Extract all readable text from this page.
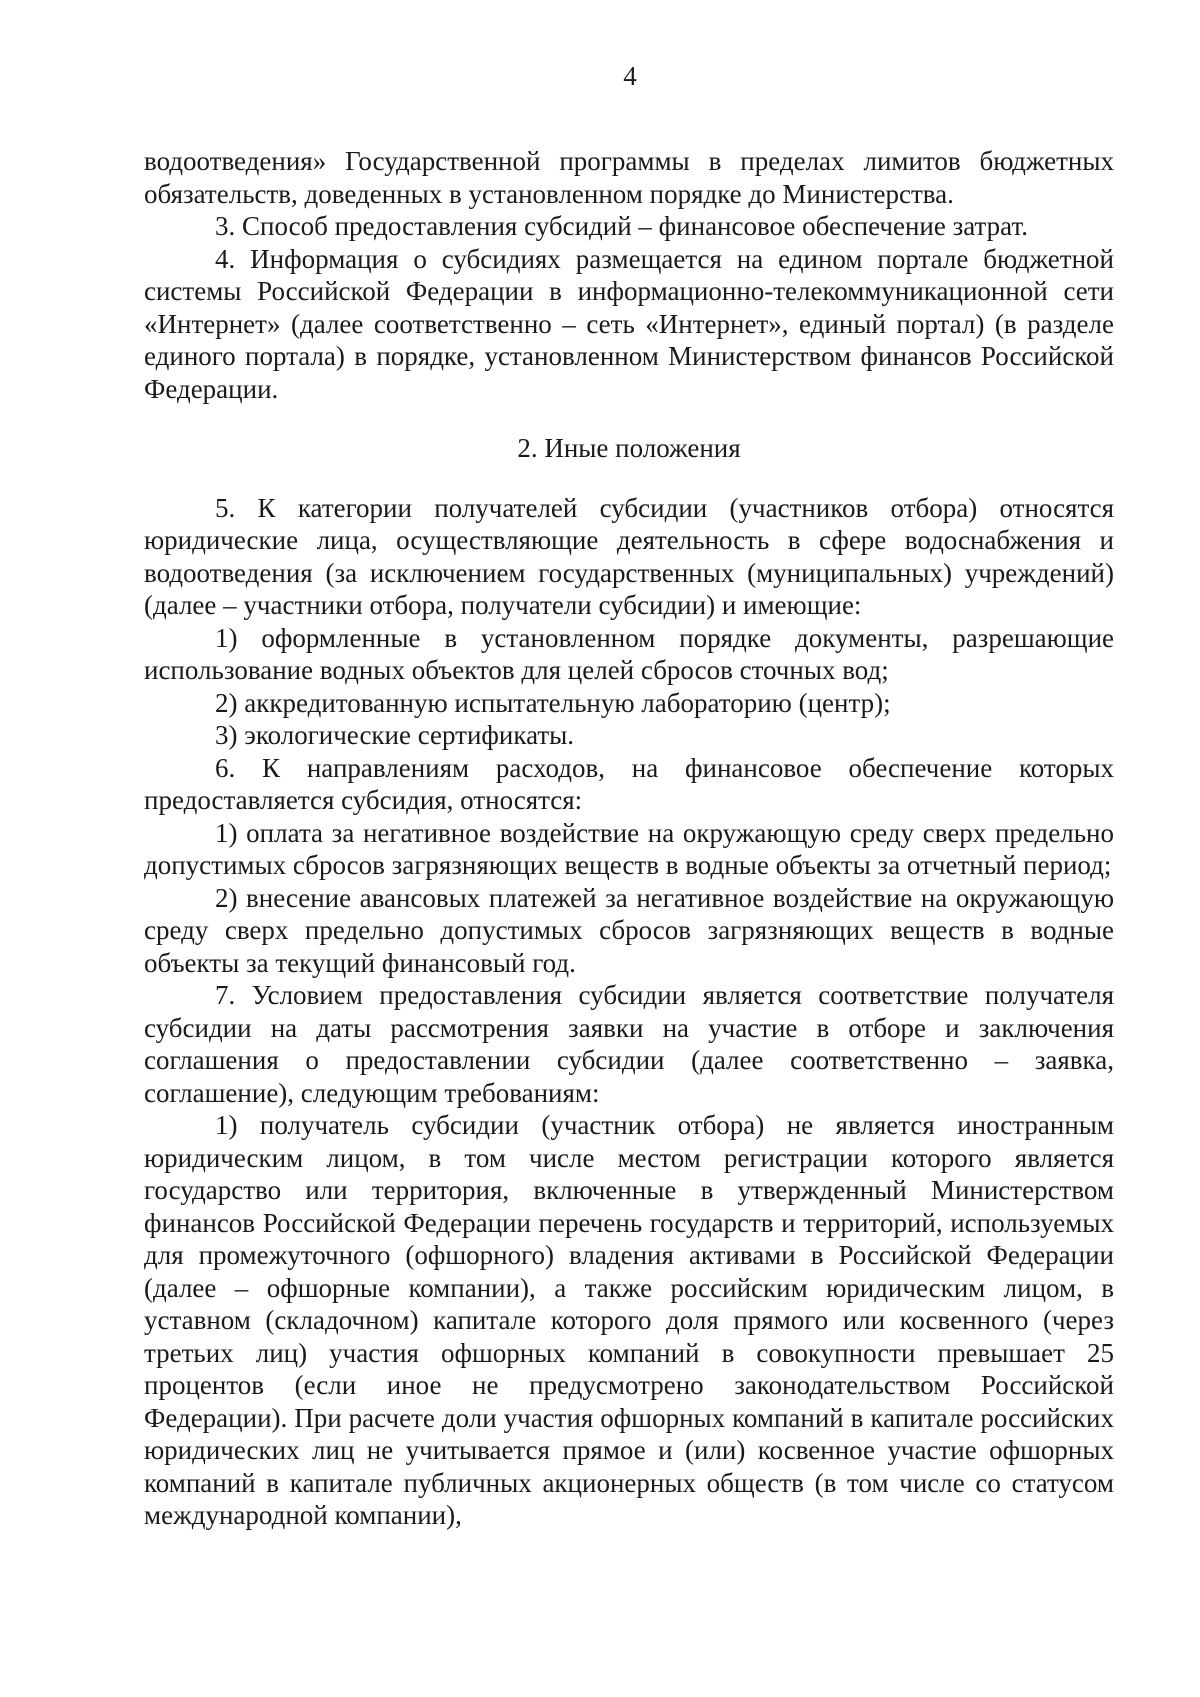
4

водоотведения» Государственной программы в пределах лимитов бюджетных обязательств, доведенных в установленном порядке до Министерства.

3. Способ предоставления субсидий – финансовое обеспечение затрат.

4. Информация о субсидиях размещается на едином портале бюджетной системы Российской Федерации в информационно-телекоммуникационной сети «Интернет» (далее соответственно – сеть «Интернет», единый портал) (в разделе единого портала) в порядке, установленном Министерством финансов Российской Федерации.

2. Иные положения

5. К категории получателей субсидии (участников отбора) относятся юридические лица, осуществляющие деятельность в сфере водоснабжения и водоотведения (за исключением государственных (муниципальных) учреждений) (далее – участники отбора, получатели субсидии) и имеющие:

1) оформленные в установленном порядке документы, разрешающие использование водных объектов для целей сбросов сточных вод;

2) аккредитованную испытательную лабораторию (центр);

3) экологические сертификаты.

6. К направлениям расходов, на финансовое обеспечение которых предоставляется субсидия, относятся:

1) оплата за негативное воздействие на окружающую среду сверх предельно допустимых сбросов загрязняющих веществ в водные объекты за отчетный период;

2) внесение авансовых платежей за негативное воздействие на окружающую среду сверх предельно допустимых сбросов загрязняющих веществ в водные объекты за текущий финансовый год.

7. Условием предоставления субсидии является соответствие получателя субсидии на даты рассмотрения заявки на участие в отборе и заключения соглашения о предоставлении субсидии (далее соответственно – заявка, соглашение), следующим требованиям:

1) получатель субсидии (участник отбора) не является иностранным юридическим лицом, в том числе местом регистрации которого является государство или территория, включенные в утвержденный Министерством финансов Российской Федерации перечень государств и территорий, используемых для промежуточного (офшорного) владения активами в Российской Федерации (далее – офшорные компании), а также российским юридическим лицом, в уставном (складочном) капитале которого доля прямого или косвенного (через третьих лиц) участия офшорных компаний в совокупности превышает 25 процентов (если иное не предусмотрено законодательством Российской Федерации). При расчете доли участия офшорных компаний в капитале российских юридических лиц не учитывается прямое и (или) косвенное участие офшорных компаний в капитале публичных акционерных обществ (в том числе со статусом международной компании),
